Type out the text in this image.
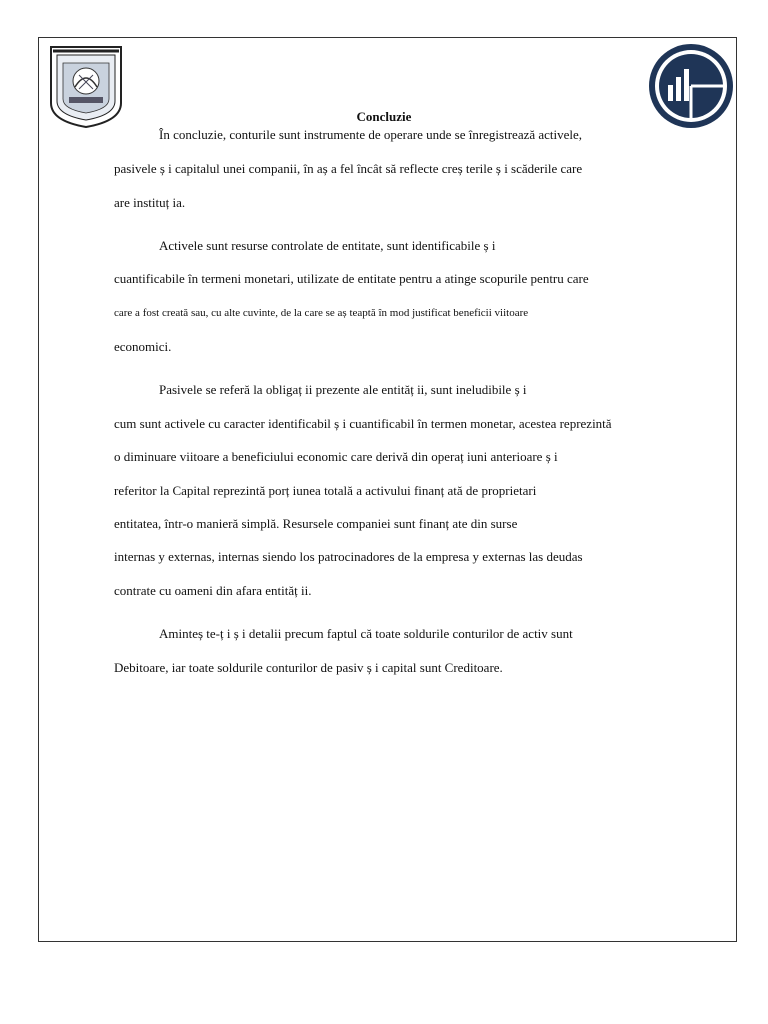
Concluzie
În concluzie, conturile sunt instrumente de operare unde se înregistrează activele,
pasivele ș i capitalul unei companii, în aș a fel încât să reflecte creș terile ș i scăderile care
are instituț ia.
Activele sunt resurse controlate de entitate, sunt identificabile ș i
cuantificabile în termeni monetari, utilizate de entitate pentru a atinge scopurile pentru care
care a fost creată sau, cu alte cuvinte, de la care se aș teaptă în mod justificat beneficii viitoare
economici.
Pasivele se referă la obligaț ii prezente ale entităț ii, sunt ineludibile ș i
cum sunt activele cu caracter identificabil ș i cuantificabil în termen monetar, acestea reprezintă
o diminuare viitoare a beneficiului economic care derivă din operaț iuni anterioare ș i
referitor la Capital reprezintă porț iunea totală a activului finanț ată de proprietari
entitatea, într-o manieră simplă. Resursele companiei sunt finanț ate din surse
internas y externas, internas siendo los patrocinadores de la empresa y externas las deudas
contrate cu oameni din afara entităț ii.
Aminteș te-ț i ș i detalii precum faptul că toate soldurile conturilor de activ sunt
Debitoare, iar toate soldurile conturilor de pasiv ș i capital sunt Creditoare.
